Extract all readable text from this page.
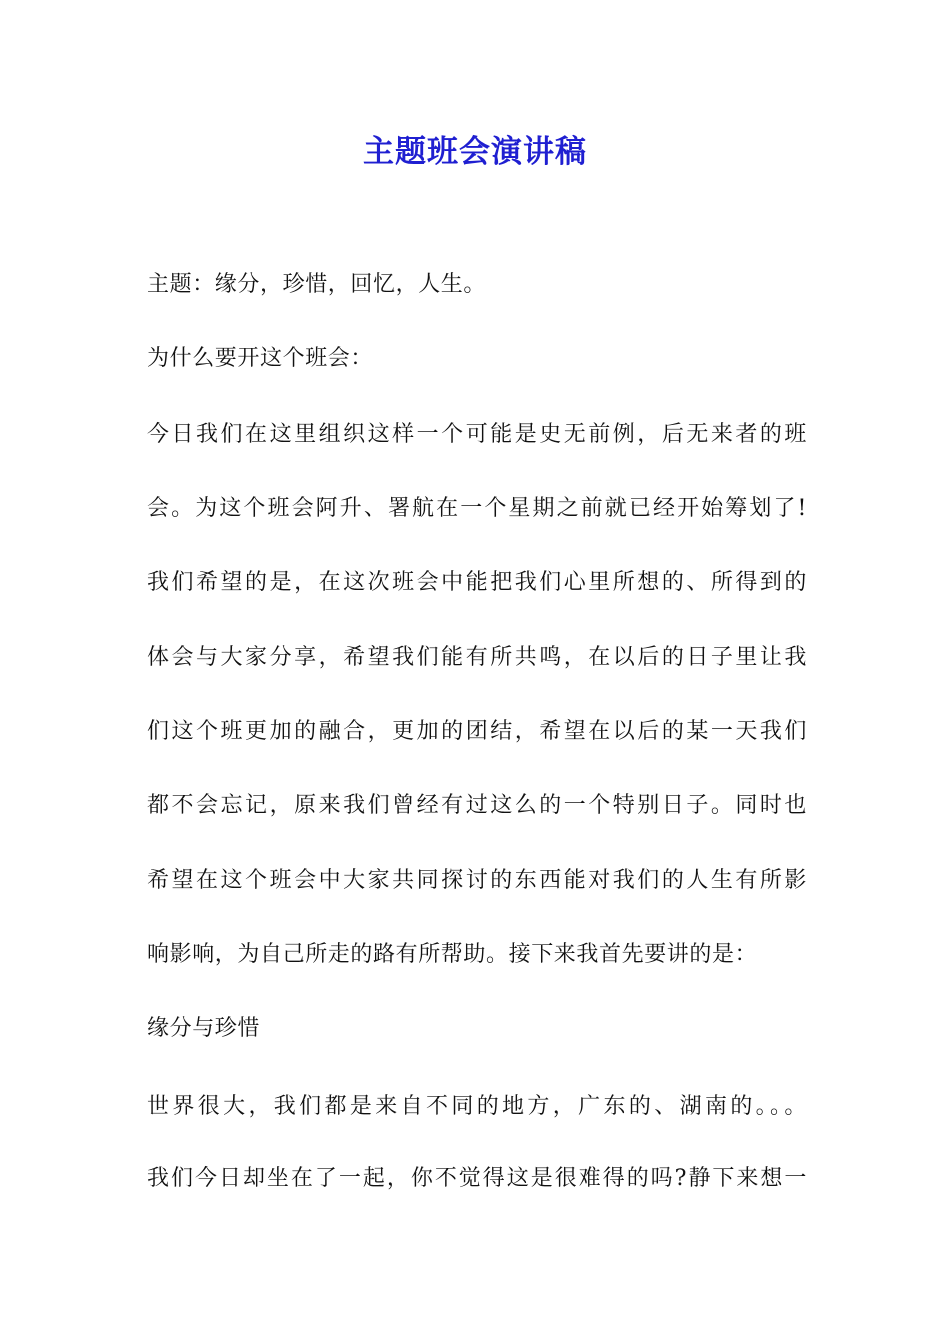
主题班会演讲稿
主题：缘分，珍惜，回忆，人生。
为什么要开这个班会：
今日我们在这里组织这样一个可能是史无前例，后无来者的班
会。为这个班会阿升、署航在一个星期之前就已经开始筹划了!
我们希望的是，在这次班会中能把我们心里所想的、所得到的
体会与大家分享，希望我们能有所共鸣，在以后的日子里让我
们这个班更加的融合，更加的团结，希望在以后的某一天我们
都不会忘记，原来我们曾经有过这么的一个特别日子。同时也
希望在这个班会中大家共同探讨的东西能对我们的人生有所影
响影响，为自己所走的路有所帮助。接下来我首先要讲的是：
缘分与珍惜
世界很大，我们都是来自不同的地方，广东的、湖南的。。。
我们今日却坐在了一起，你不觉得这是很难得的吗?静下来想一
